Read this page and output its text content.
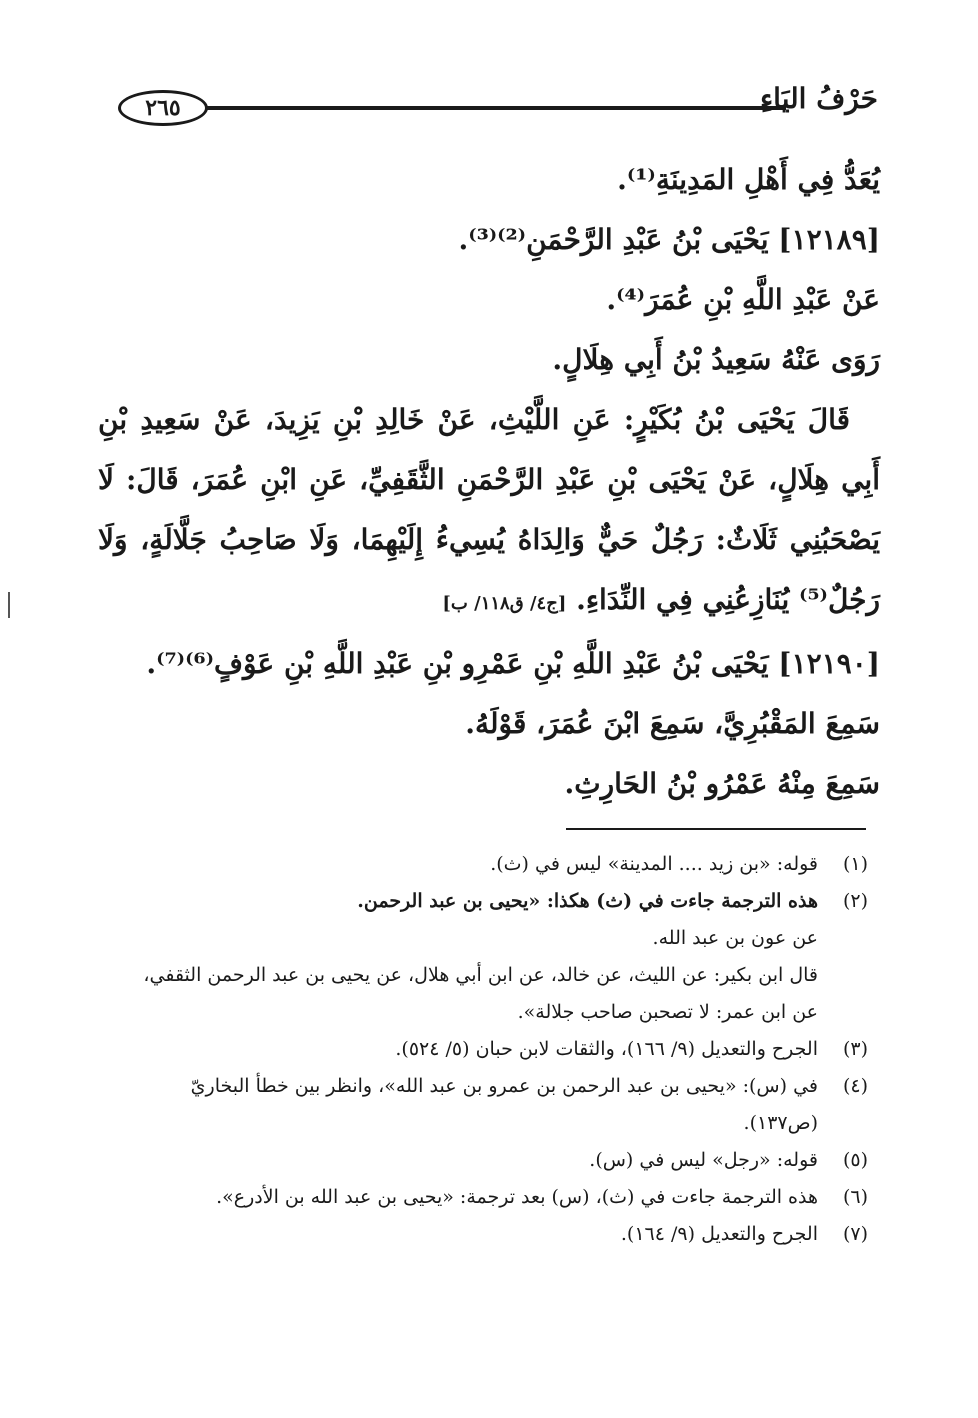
٢٦٥	حَرْفُ اليَاءِ

يُعَدُّ فِي أَهْلِ المَدِينَةِ⁽¹⁾.

[١٢١٨٩] يَحْيَى بْنُ عَبْدِ الرَّحْمَنِ⁽²⁾⁽³⁾.

عَنْ عَبْدِ اللَّهِ بْنِ عُمَرَ⁽⁴⁾.

رَوَى عَنْهُ سَعِيدُ بْنُ أَبِي هِلَالٍ.

قَالَ يَحْيَى بْنُ بُكَيْرٍ: عَنِ اللَّيْثِ، عَنْ خَالِدِ بْنِ يَزِيدَ، عَنْ سَعِيدِ بْنِ أَبِي هِلَالٍ، عَنْ يَحْيَى بْنِ عَبْدِ الرَّحْمَنِ الثَّقَفِيِّ، عَنِ ابْنِ عُمَرَ، قَالَ: لَا يَصْحَبُنِي ثَلَاثٌ: رَجُلٌ حَيٌّ وَالِدَاهُ يُسِيءُ إِلَيْهِمَا، وَلَا صَاحِبُ جَلَّالَةٍ، وَلَا رَجُلٌ⁽⁵⁾ يُنَازِعُنِي فِي النِّدَاءِ. [ج٤/ ق١١٨/ ب]

[١٢١٩٠] يَحْيَى بْنُ عَبْدِ اللَّهِ بْنِ عَمْرِو بْنِ عَبْدِ اللَّهِ بْنِ عَوْفٍ⁽⁶⁾⁽⁷⁾.

سَمِعَ المَقْبُرِيَّ، سَمِعَ ابْنَ عُمَرَ، قَوْلَهُ.

سَمِعَ مِنْهُ عَمْرُو بْنُ الحَارِثِ.

(١)
قوله: «بن زيد .... المدينة» ليس في (ث).
(٢)
هذه الترجمة جاءت في (ث) هكذا: «يحيى بن عبد الرحمن.
عن عون بن عبد الله.
قال ابن بكير: عن الليث، عن خالد، عن ابن أبي هلال، عن يحيى بن عبد الرحمن الثقفي،
عن ابن عمر: لا تصحبن صاحب جلالة».
(٣)
الجرح والتعديل (٩/ ١٦٦)، والثقات لابن حبان (٥/ ٥٢٤).
(٤)
في (س): «يحيى بن عبد الرحمن بن عمرو بن عبد الله»، وانظر بين خطأ البخاريّ
(ص١٣٧).
(٥)
قوله: «رجل» ليس في (س).
(٦)
هذه الترجمة جاءت في (ث)، (س) بعد ترجمة: «يحيى بن عبد الله بن الأدرع».
(٧)
الجرح والتعديل (٩/ ١٦٤).
